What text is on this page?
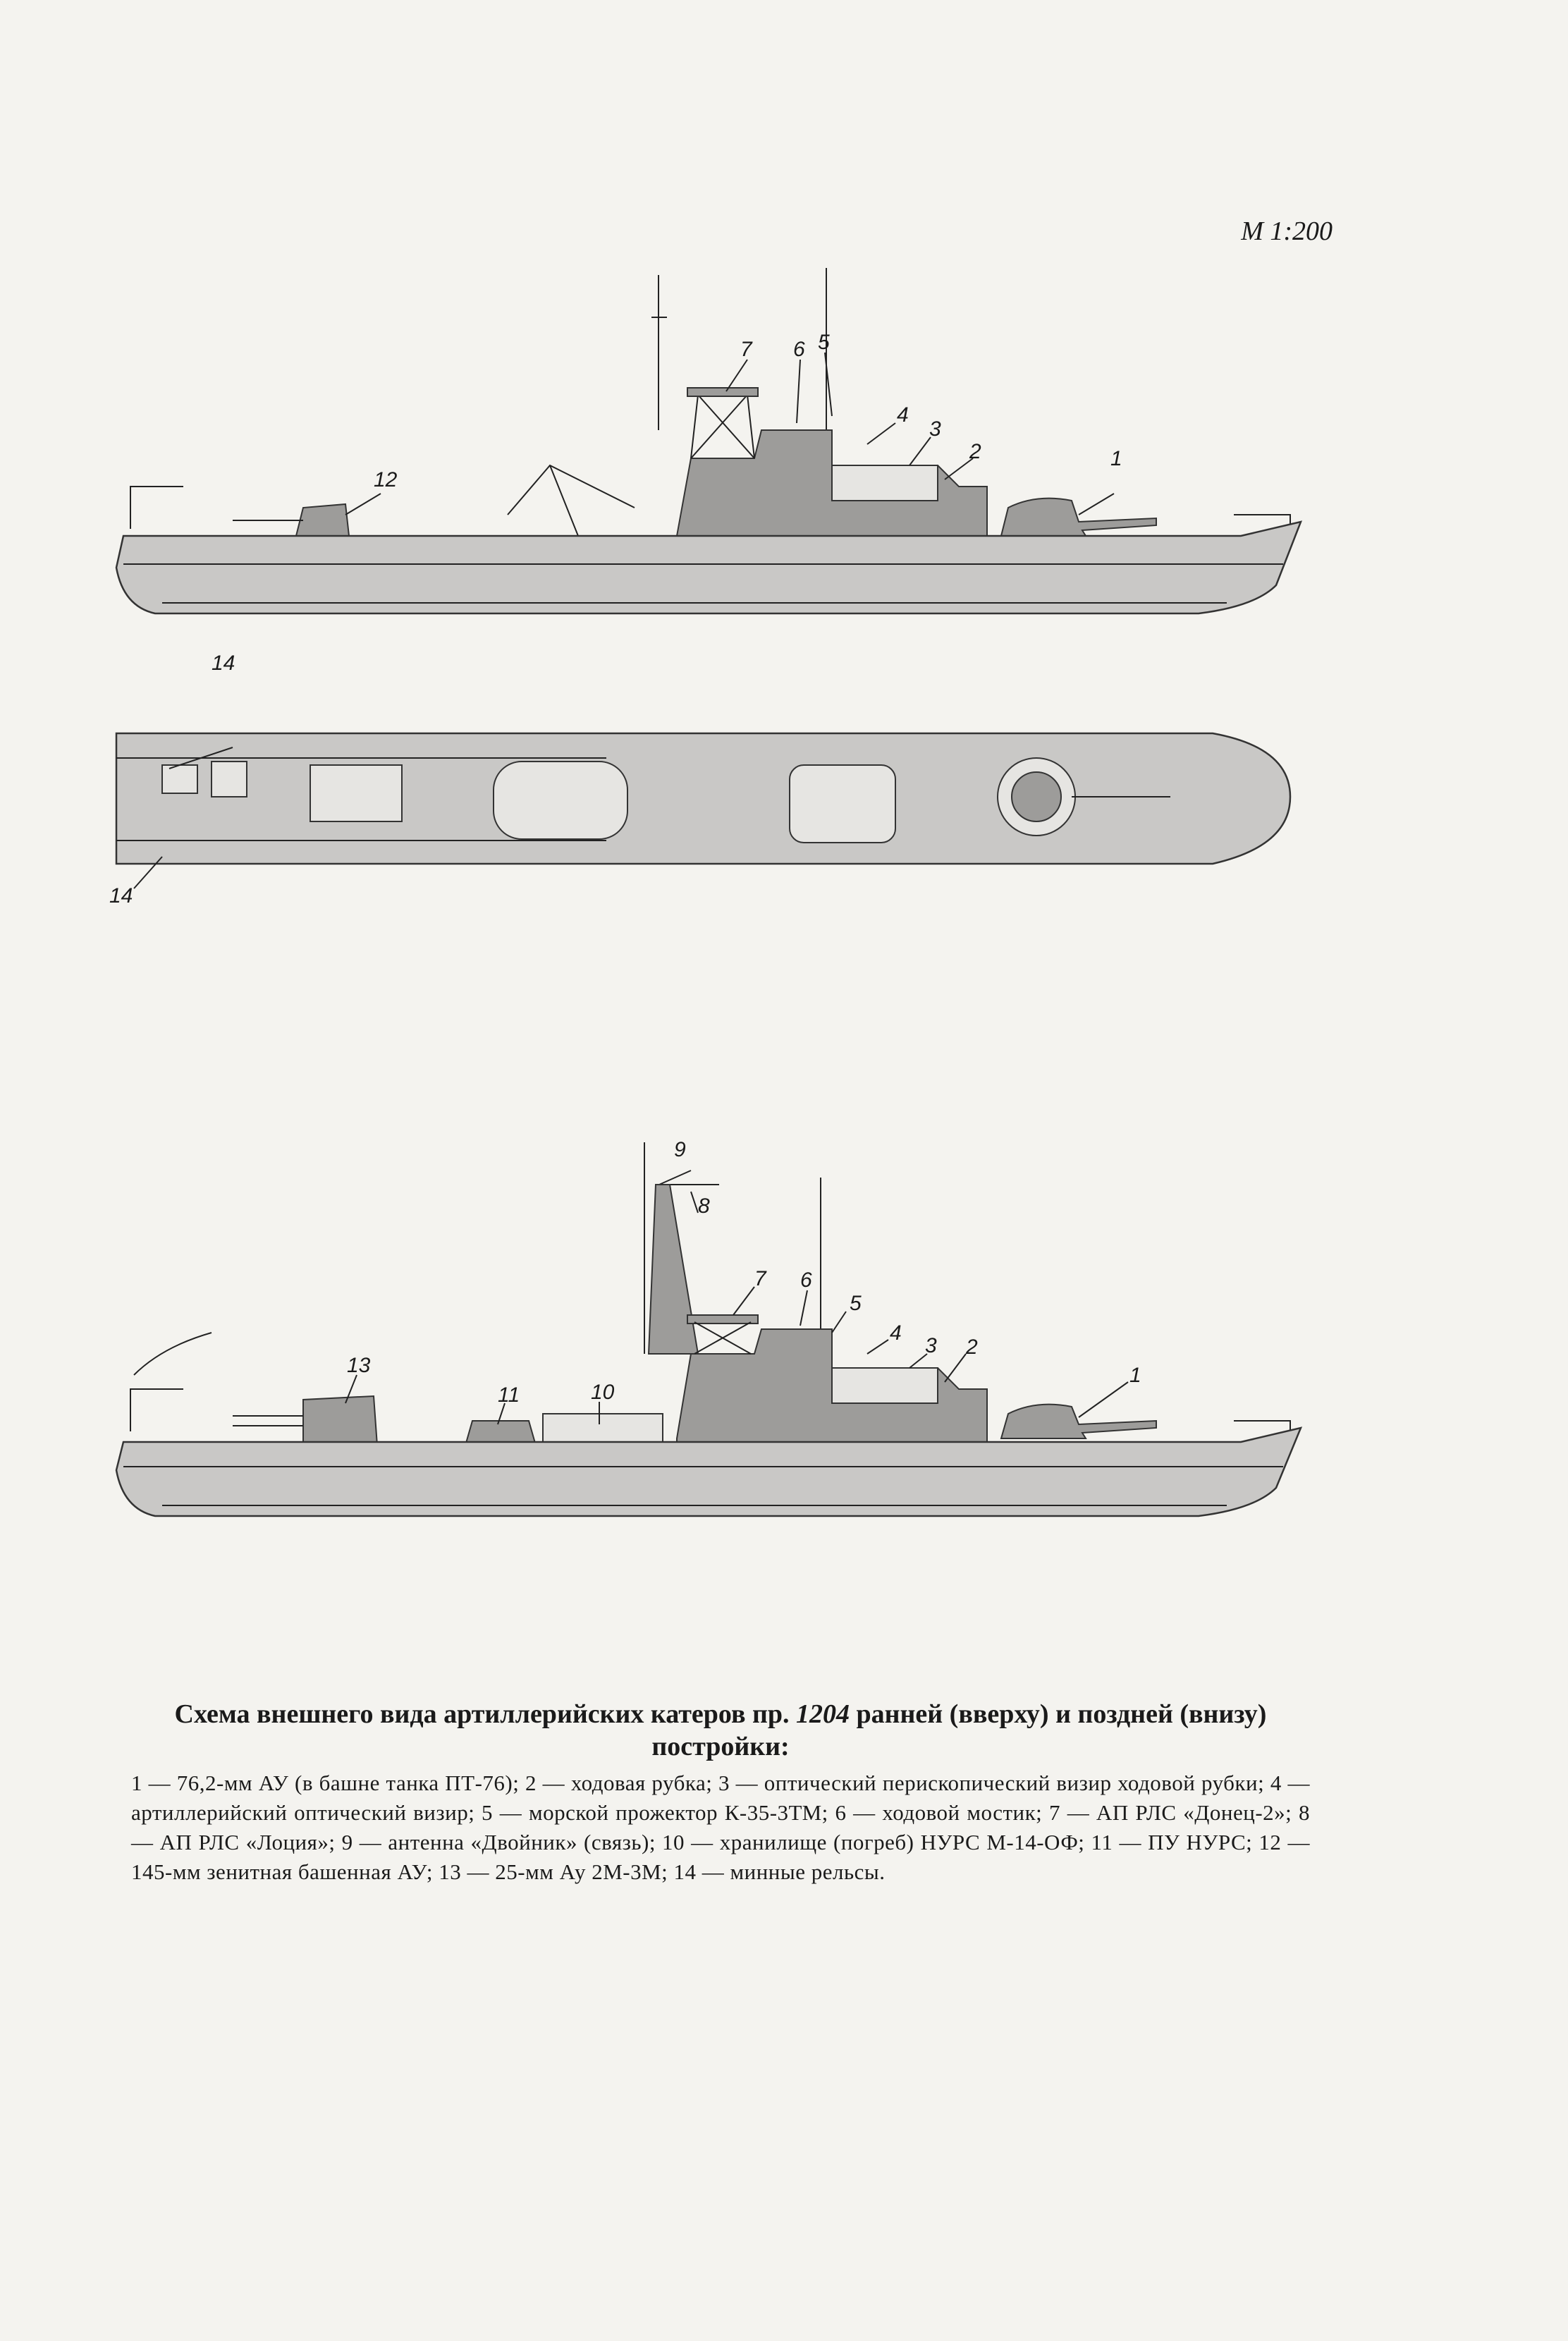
M 1:200
1
2
3
4
5
6
7
12
14
14
1
2
3
4
5
6
7
8
9
10
11
13

Схема внешнего вида артиллерийских катеров пр. 1204 ранней (вверху) и поздней (внизу) постройки:

1 — 76,2-мм АУ (в башне танка ПТ-76); 2 — ходовая рубка; 3 — оптический перископический визир ходовой рубки; 4 — артиллерийский оптический визир; 5 — морской прожектор К-35-3ТМ; 6 — ходовой мостик; 7 — АП РЛС «Донец-2»; 8 — АП РЛС «Лоция»; 9 — антенна «Двойник» (связь); 10 — хранилище (погреб) НУРС М-14-ОФ; 11 — ПУ НУРС; 12 — 145-мм зенитная башенная АУ; 13 — 25-мм Ау 2М-3М; 14 — минные рельсы.
